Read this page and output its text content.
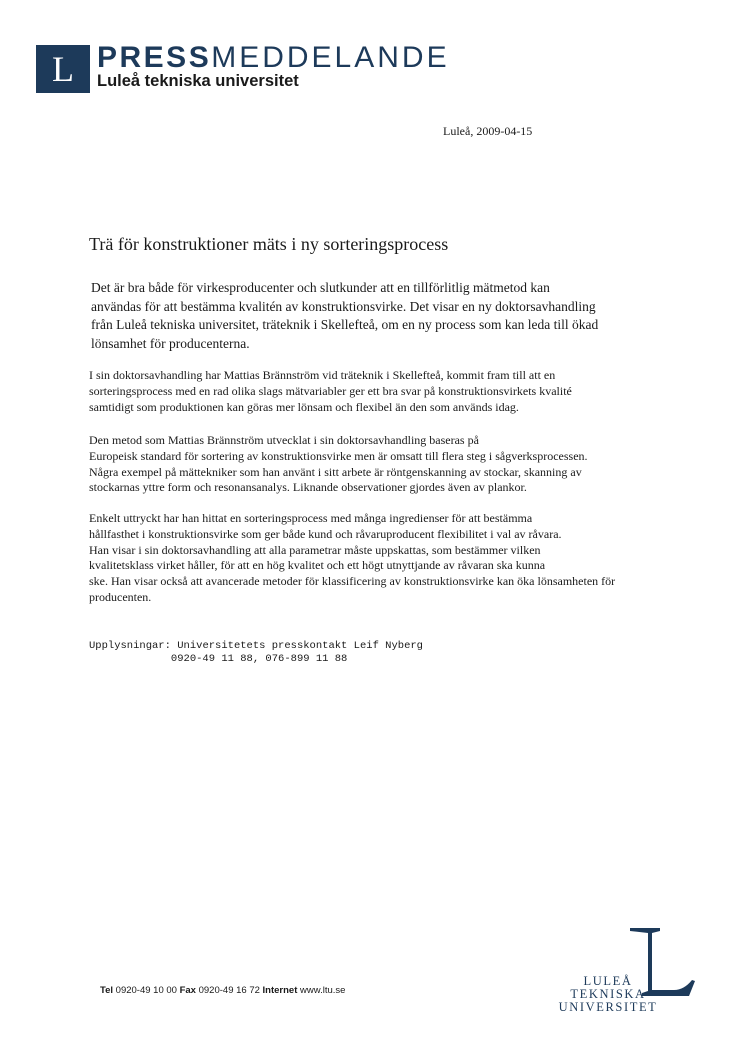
L PRESSMEDDELANDE
Luleå tekniska universitet
Luleå, 2009-04-15
Trä för konstruktioner mäts i ny sorteringsprocess
Det är bra både för virkesproducenter och slutkunder att en tillförlitlig mätmetod kan
användas för att bestämma kvalitén av konstruktionsvirke. Det visar en ny doktorsavhandling
från Luleå tekniska universitet, träteknik i Skellefteå, om en ny process som kan leda till ökad
lönsamhet för producenterna.
I sin doktorsavhandling har Mattias Brännström vid träteknik i Skellefteå, kommit fram till att en
sorteringsprocess med en rad olika slags mätvariabler ger ett bra svar på konstruktionsvirkets kvalité
samtidigt som produktionen kan göras mer lönsam och flexibel än den som används idag.
Den metod som Mattias Brännström utvecklat i sin doktorsavhandling baseras på
Europeisk standard för sortering av konstruktionsvirke men är omsatt till flera steg i sågverksprocessen.
Några exempel på mättekniker som han använt i sitt arbete är röntgenskanning av stockar, skanning av
stockarnas yttre form och resonansanalys. Liknande observationer gjordes även av plankor.
Enkelt uttryckt har han hittat en sorteringsprocess med många ingredienser för att bestämma
hållfasthet i konstruktionsvirke som ger både kund och råvaruproducent flexibilitet i val av råvara.
Han visar i sin doktorsavhandling att alla parametrar måste uppskattas, som bestämmer vilken
kvalitetsklass virket håller, för att en hög kvalitet och ett högt utnyttjande av råvaran ska kunna
ske. Han visar också att avancerade metoder för klassificering av konstruktionsvirke kan öka lönsamheten för
producenten.
Upplysningar: Universitetets presskontakt Leif Nyberg
0920-49 11 88, 076-899 11 88
Tel 0920-49 10 00 Fax 0920-49 16 72 Internet www.ltu.se
LULEÅ
TEKNISKA
UNIVERSITET
